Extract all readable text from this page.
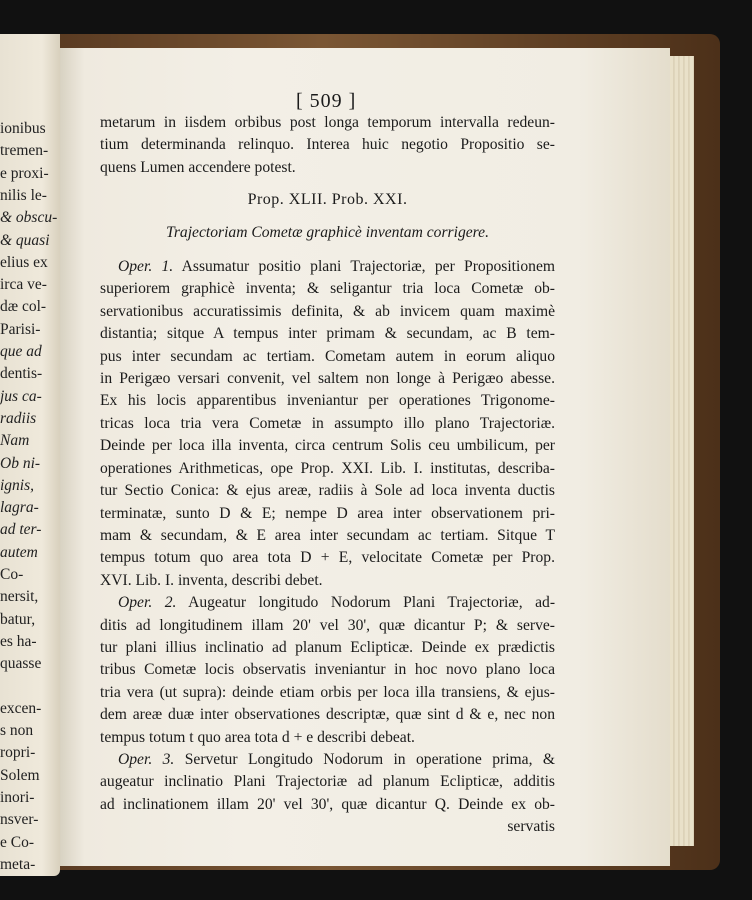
ionibus
tremen-
e proxi-
nilis le-
& obscu-
& quasi
elius ex
irca ve-
dæ col-
Parisi-
que ad
dentis-
jus ca-
radiis
Nam
Ob ni-
ignis,
lagra-
ad ter-
autem
Co-
nersit,
batur,
es ha-
quasse
excen-
s non
ropri-
Solem
inori-
nsver-
e Co-
meta-
[ 509 ]
metarum in iisdem orbibus post longa temporum intervalla redeun-
tium determinanda relinquo. Interea huic negotio Propositio se-
quens Lumen accendere potest.
Prop. XLII. Prob. XXI.
Trajectoriam Cometæ graphicè inventam corrigere.
Oper. 1. Assumatur positio plani Trajectoriæ, per Propositionem
superiorem graphicè inventa; & seligantur tria loca Cometæ ob-
servationibus accuratissimis definita, & ab invicem quam maximè
distantia; sitque A tempus inter primam & secundam, ac B tem-
pus inter secundam ac tertiam. Cometam autem in eorum aliquo
in Perigæo versari convenit, vel saltem non longe à Perigæo abesse.
Ex his locis apparentibus inveniantur per operationes Trigonome-
tricas loca tria vera Cometæ in assumpto illo plano Trajectoriæ.
Deinde per loca illa inventa, circa centrum Solis ceu umbilicum, per
operationes Arithmeticas, ope Prop. XXI. Lib. I. institutas, describa-
tur Sectio Conica: & ejus areæ, radiis à Sole ad loca inventa ductis
terminatæ, sunto D & E; nempe D area inter observationem pri-
mam & secundam, & E area inter secundam ac tertiam. Sitque T
tempus totum quo area tota D + E, velocitate Cometæ per Prop.
XVI. Lib. I. inventa, describi debet.
Oper. 2. Augeatur longitudo Nodorum Plani Trajectoriæ, ad-
ditis ad longitudinem illam 20' vel 30', quæ dicantur P; & serve-
tur plani illius inclinatio ad planum Eclipticæ. Deinde ex prædictis
tribus Cometæ locis observatis inveniantur in hoc novo plano loca
tria vera (ut supra): deinde etiam orbis per loca illa transiens, & ejus-
dem areæ duæ inter observationes descriptæ, quæ sint d & e, nec non
tempus totum t quo area tota d + e describi debeat.
Oper. 3. Servetur Longitudo Nodorum in operatione prima, &
augeatur inclinatio Plani Trajectoriæ ad planum Eclipticæ, additis
ad inclinationem illam 20' vel 30', quæ dicantur Q. Deinde ex ob-
servatis
